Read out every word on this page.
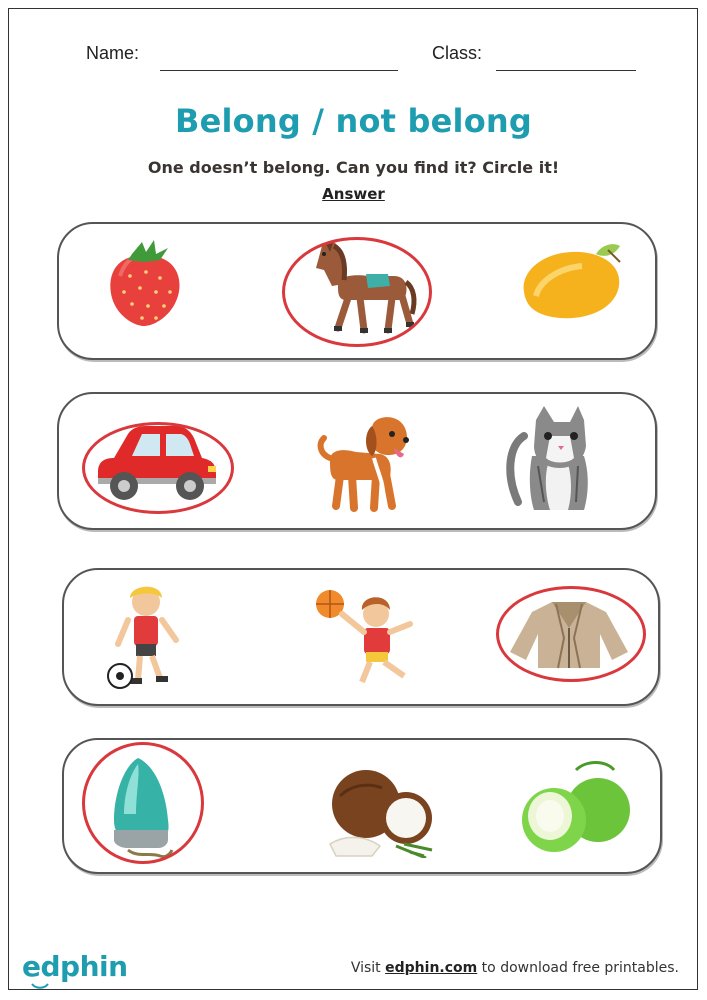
Name:	Class:
Belong / not belong
One doesn’t belong. Can you find it? Circle it!
Answer
edphin	Visit edphin.com to download free printables.
